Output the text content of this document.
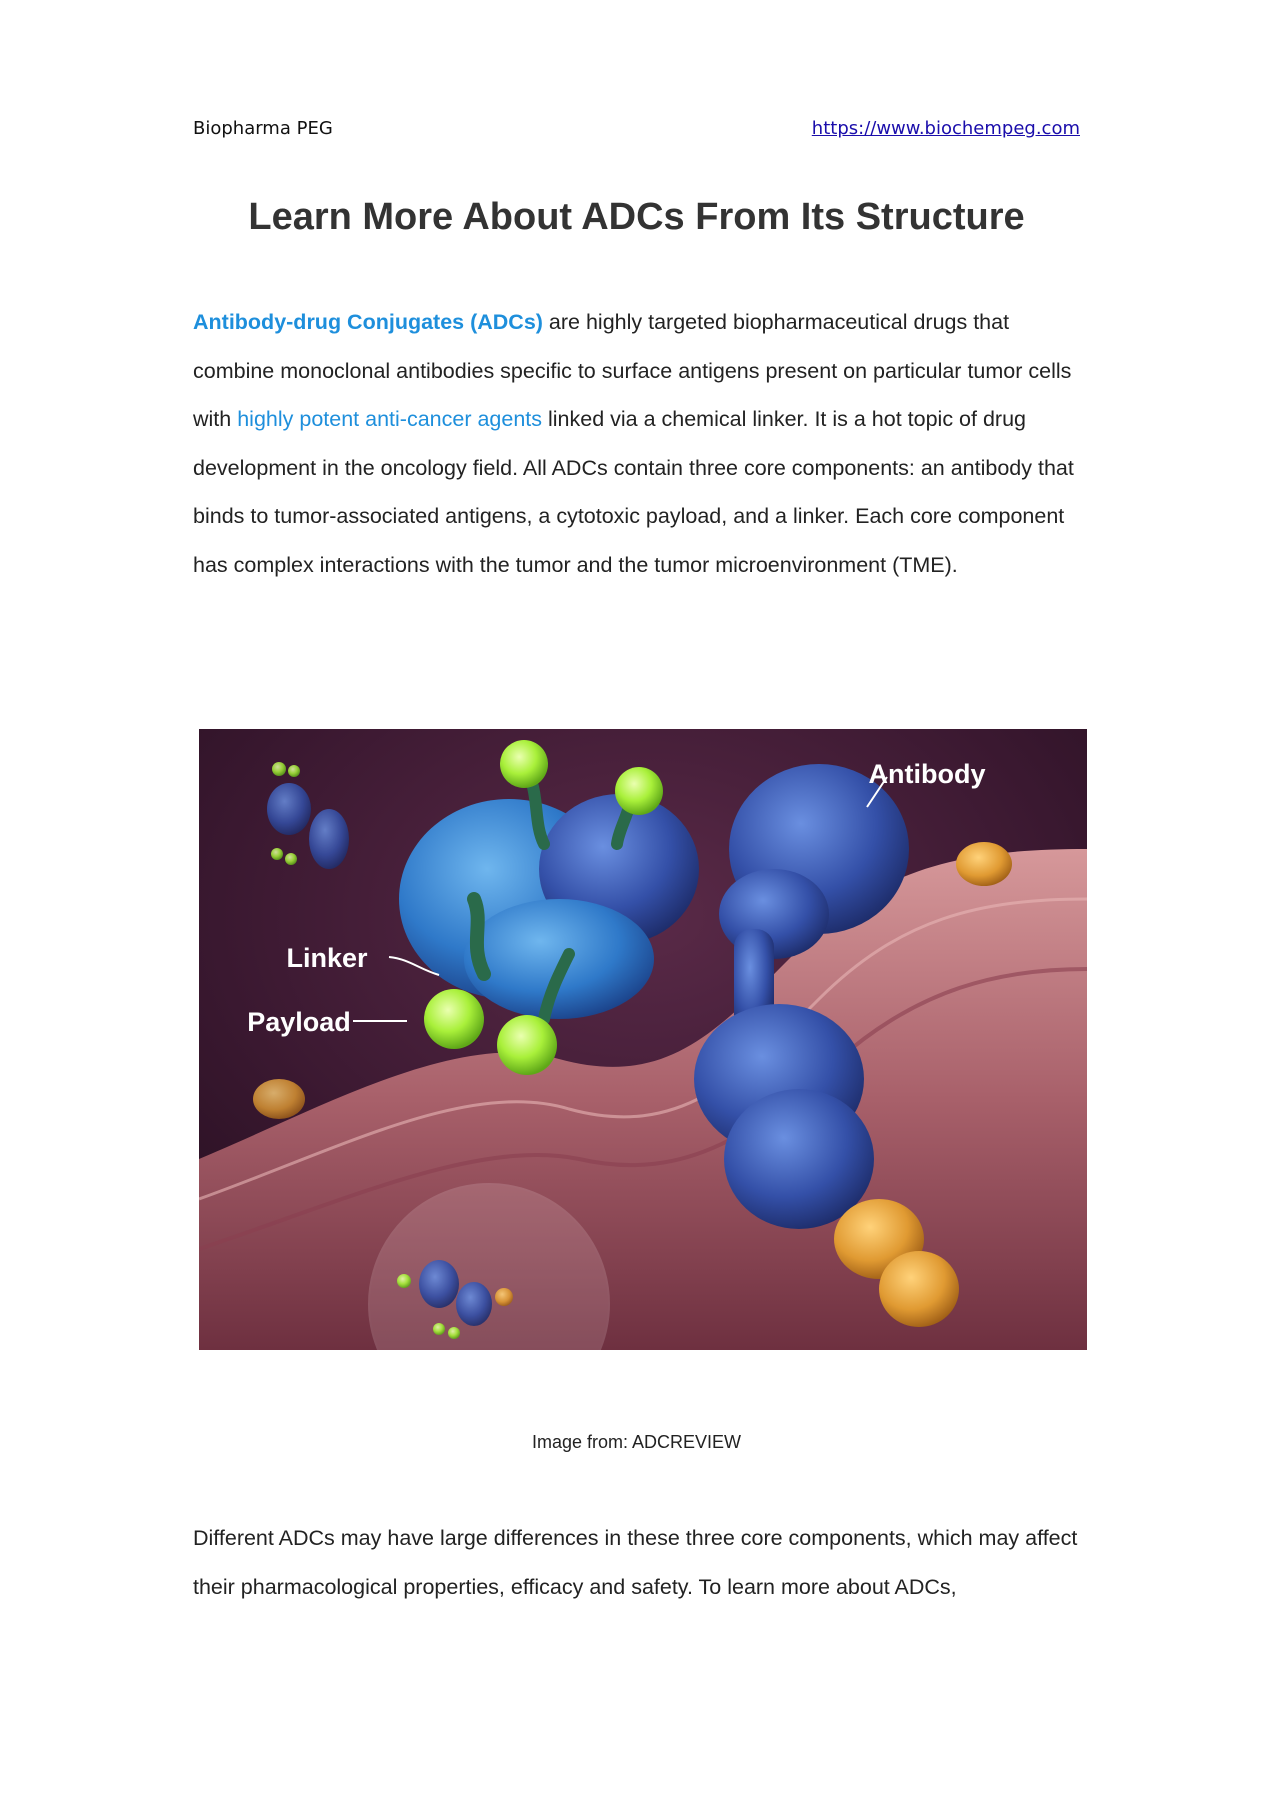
Biopharma PEG	https://www.biochempeg.com
Learn More About ADCs From Its Structure
Antibody-drug Conjugates (ADCs) are highly targeted biopharmaceutical drugs that combine monoclonal antibodies specific to surface antigens present on particular tumor cells with highly potent anti-cancer agents linked via a chemical linker. It is a hot topic of drug development in the oncology field. All ADCs contain three core components: an antibody that binds to tumor-associated antigens, a cytotoxic payload, and a linker. Each core component has complex interactions with the tumor and the tumor microenvironment (TME).
Antibody
Linker
Payload
Image from: ADCREVIEW
Different ADCs may have large differences in these three core components, which may affect their pharmacological properties, efficacy and safety. To learn more about ADCs,
